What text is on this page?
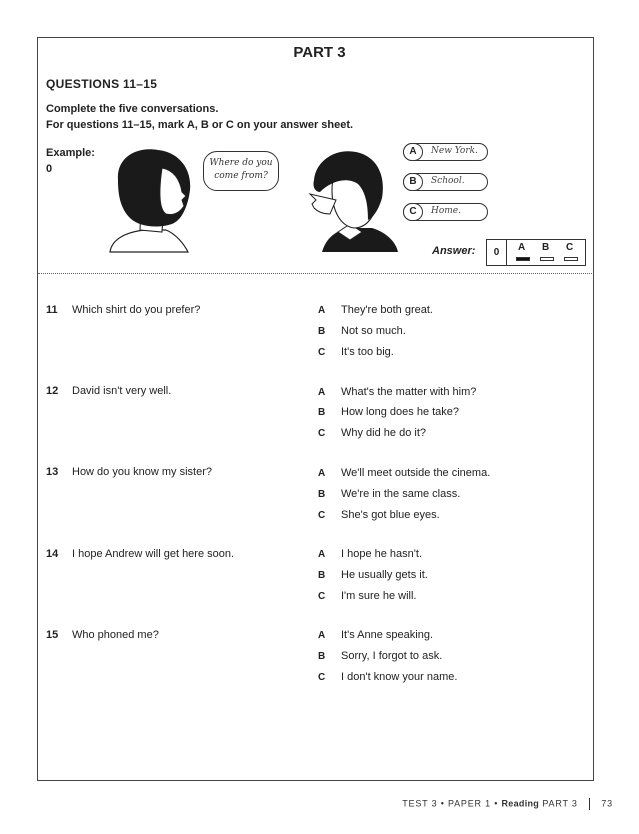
PART 3
QUESTIONS 11–15
Complete the five conversations.
For questions 11–15, mark A, B or C on your answer sheet.
Example:
0	Where do you
come from?
A	New York.
B	School.
C	Home.
Answer:	0	A B C
11 Which shirt do you prefer?	A They're both great.
B Not so much.
C It's too big.
12 David isn't very well.	A What's the matter with him?
B How long does he take?
C Why did he do it?
13 How do you know my sister?	A We'll meet outside the cinema.
B We're in the same class.
C She's got blue eyes.
14 I hope Andrew will get here soon.	A I hope he hasn't.
B He usually gets it.
C I'm sure he will.
15 Who phoned me?	A It's Anne speaking.
B Sorry, I forgot to ask.
C I don't know your name.
TEST 3 • PAPER 1 • Reading PART 3	73
